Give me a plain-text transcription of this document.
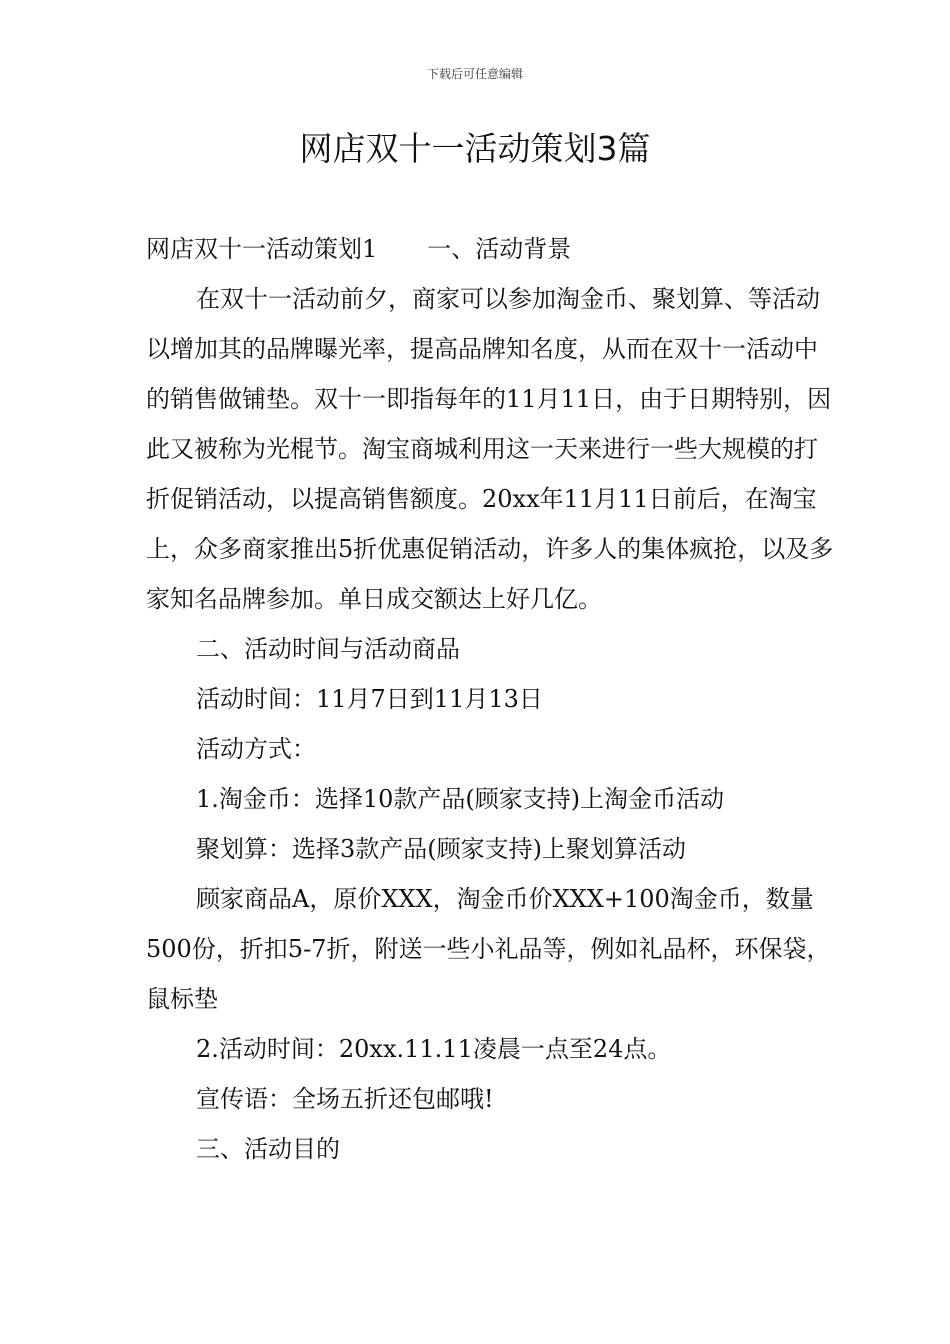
下载后可任意编辑
网店双十一活动策划3篇

网店双十一活动策划1 一、活动背景

在双十一活动前夕，商家可以参加淘金币、聚划算、等活动以增加其的品牌曝光率，提高品牌知名度，从而在双十一活动中的销售做铺垫。双十一即指每年的11月11日，由于日期特别，因此又被称为光棍节。淘宝商城利用这一天来进行一些大规模的打折促销活动，以提高销售额度。20xx年11月11日前后，在淘宝上，众多商家推出5折优惠促销活动，许多人的集体疯抢，以及多家知名品牌参加。单日成交额达上好几亿。

二、活动时间与活动商品

活动时间：11月7日到11月13日

活动方式：

1.淘金币：选择10款产品(顾家支持)上淘金币活动

聚划算：选择3款产品(顾家支持)上聚划算活动

顾家商品A，原价XXX，淘金币价XXX+100淘金币，数量500份，折扣5-7折，附送一些小礼品等，例如礼品杯，环保袋，鼠标垫

2.活动时间：20xx.11.11凌晨一点至24点。

宣传语：全场五折还包邮哦!

三、活动目的
